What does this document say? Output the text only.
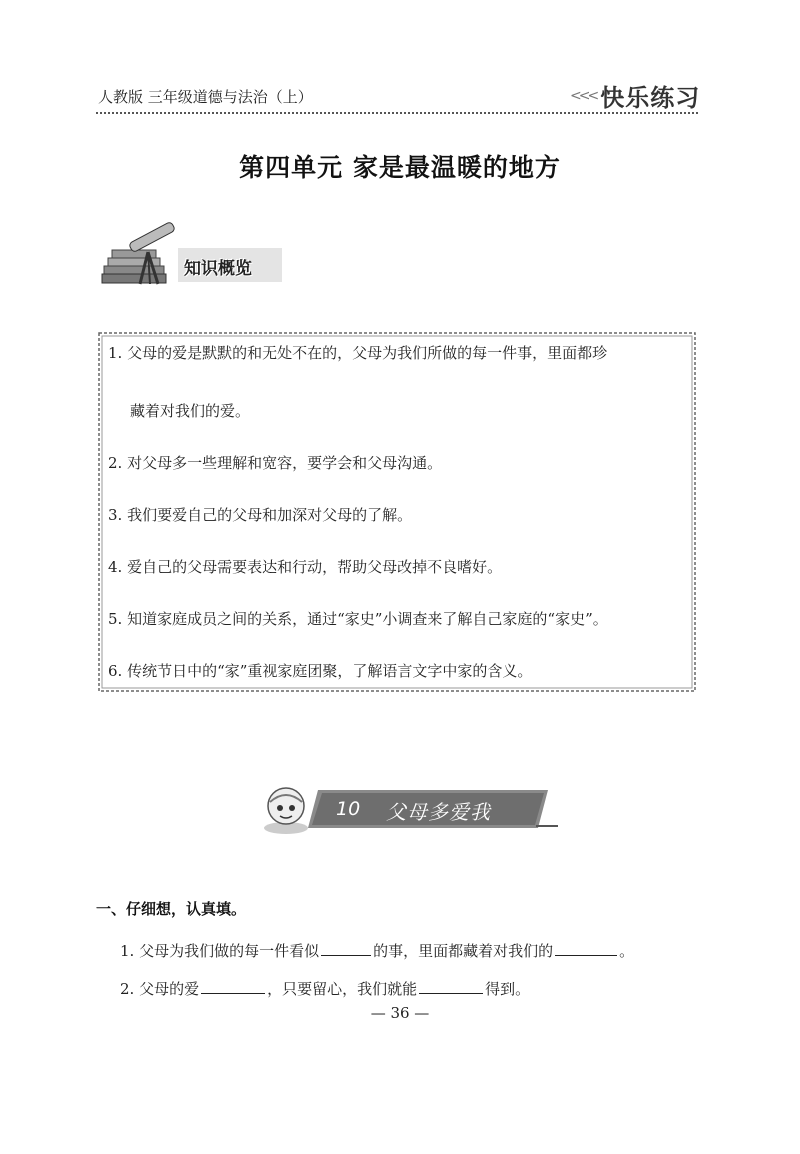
人教版 三年级道德与法治（上）	<<< 快乐练习
第四单元 家是最温暖的地方
知识概览
1. 父母的爱是默默的和无处不在的，父母为我们所做的每一件事，里面都珍
藏着对我们的爱。
2. 对父母多一些理解和宽容，要学会和父母沟通。
3. 我们要爱自己的父母和加深对父母的了解。
4. 爱自己的父母需要表达和行动，帮助父母改掉不良嗜好。
5. 知道家庭成员之间的关系，通过“家史”小调查来了解自己家庭的“家史”。
6. 传统节日中的“家”重视家庭团聚，了解语言文字中家的含义。
10 父母多爱我
一、仔细想，认真填。
1. 父母为我们做的每一件看似	的事，里面都藏着对我们的	。
2. 父母的爱	，只要留心，我们就能	得到。
— 36 —
